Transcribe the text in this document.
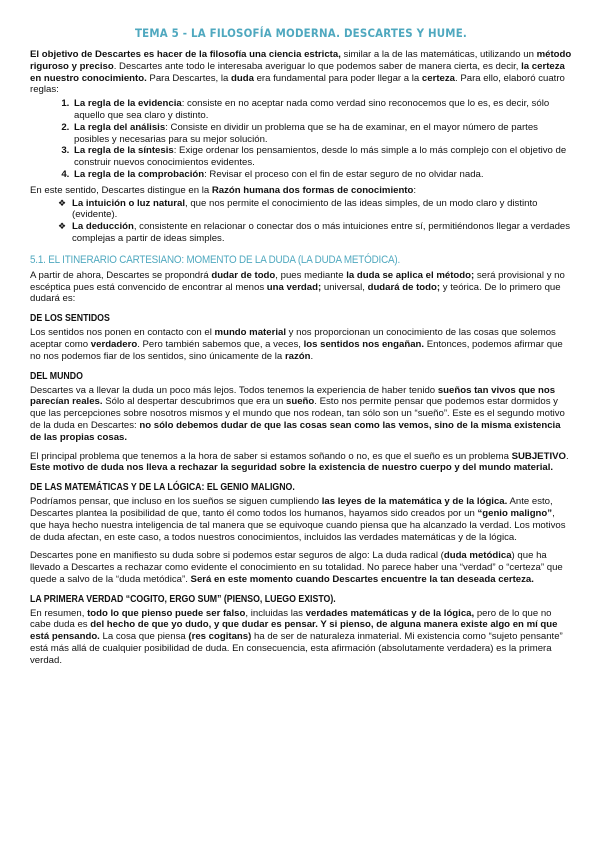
TEMA 5 - LA FILOSOFÍA MODERNA. DESCARTES Y HUME.

El objetivo de Descartes es hacer de la filosofía una ciencia estricta, similar a la de las matemáticas, utilizando un método riguroso y preciso. Descartes ante todo le interesaba averiguar lo que podemos saber de manera cierta, es decir, la certeza en nuestro conocimiento. Para Descartes, la duda era fundamental para poder llegar a la certeza. Para ello, elaboró cuatro reglas:

1. La regla de la evidencia: consiste en no aceptar nada como verdad sino reconocemos que lo es, es decir, sólo aquello que sea claro y distinto.
2. La regla del análisis: Consiste en dividir un problema que se ha de examinar, en el mayor número de partes posibles y necesarias para su mejor solución.
3. La regla de la síntesis: Exige ordenar los pensamientos, desde lo más simple a lo más complejo con el objetivo de construir nuevos conocimientos evidentes.
4. La regla de la comprobación: Revisar el proceso con el fin de estar seguro de no olvidar nada.

En este sentido, Descartes distingue en la Razón humana dos formas de conocimiento:

❖ La intuición o luz natural, que nos permite el conocimiento de las ideas simples, de un modo claro y distinto (evidente).
❖ La deducción, consistente en relacionar o conectar dos o más intuiciones entre sí, permitiéndonos llegar a verdades complejas a partir de ideas simples.
5.1. EL ITINERARIO CARTESIANO: MOMENTO DE LA DUDA (LA DUDA METÓDICA).

A partir de ahora, Descartes se propondrá dudar de todo, pues mediante la duda se aplica el método; será provisional y no escéptica pues está convencido de encontrar al menos una verdad; universal, dudará de todo; y teórica. De lo primero que dudará es:

DE LOS SENTIDOS

Los sentidos nos ponen en contacto con el mundo material y nos proporcionan un conocimiento de las cosas que solemos aceptar como verdadero. Pero también sabemos que, a veces, los sentidos nos engañan. Entonces, podemos afirmar que no nos podemos fiar de los sentidos, sino únicamente de la razón.

DEL MUNDO

Descartes va a llevar la duda un poco más lejos. Todos tenemos la experiencia de haber tenido sueños tan vivos que nos parecían reales. Sólo al despertar descubrimos que era un sueño. Esto nos permite pensar que podemos estar dormidos y que las percepciones sobre nosotros mismos y el mundo que nos rodean, tan sólo son un “sueño”. Este es el segundo motivo de la duda en Descartes: no sólo debemos dudar de que las cosas sean como las vemos, sino de la misma existencia de las propias cosas.

El principal problema que tenemos a la hora de saber si estamos soñando o no, es que el sueño es un problema SUBJETIVO. Este motivo de duda nos lleva a rechazar la seguridad sobre la existencia de nuestro cuerpo y del mundo material.

DE LAS MATEMÁTICAS Y DE LA LÓGICA: EL GENIO MALIGNO.

Podríamos pensar, que incluso en los sueños se siguen cumpliendo las leyes de la matemática y de la lógica. Ante esto, Descartes plantea la posibilidad de que, tanto él como todos los humanos, hayamos sido creados por un “genio maligno”, que haya hecho nuestra inteligencia de tal manera que se equivoque cuando piensa que ha alcanzado la verdad. Los motivos de duda afectan, en este caso, a todos nuestros conocimientos, incluidos las verdades matemáticas y de la lógica.

Descartes pone en manifiesto su duda sobre si podemos estar seguros de algo: La duda radical (duda metódica) que ha llevado a Descartes a rechazar como evidente el conocimiento en su totalidad. No parece haber una “verdad” o “certeza” que quede a salvo de la “duda metódica”. Será en este momento cuando Descartes encuentre la tan deseada certeza.

LA PRIMERA VERDAD “COGITO, ERGO SUM” (PIENSO, LUEGO EXISTO).

En resumen, todo lo que pienso puede ser falso, incluidas las verdades matemáticas y de la lógica, pero de lo que no cabe duda es del hecho de que yo dudo, y que dudar es pensar. Y si pienso, de alguna manera existe algo en mí que está pensando. La cosa que piensa (res cogitans) ha de ser de naturaleza inmaterial. Mi existencia como “sujeto pensante” está más allá de cualquier posibilidad de duda. En consecuencia, esta afirmación (absolutamente verdadera) es la primera verdad.
